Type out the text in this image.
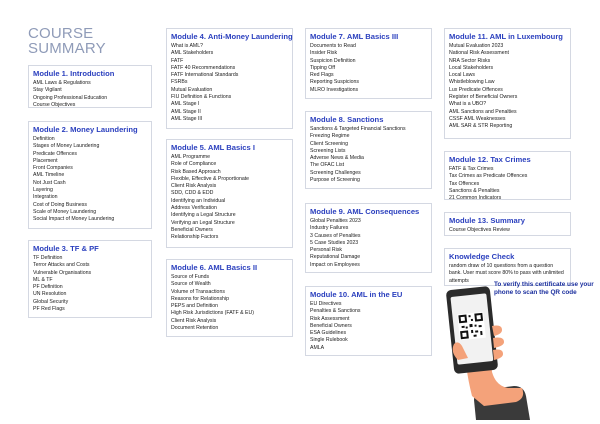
COURSE
SUMMARY
Module 1. Introduction
AML Laws & Regulations
Stay Vigilant
Ongoing Professional Education
Course Objectives
Module 2. Money Laundering
Definition
Stages of Money Laundering
Predicate Offences
Placement
Front Companies
AML Timeline
Not Just Cash
Layering
Integration
Cost of Doing Business
Scale of Money Laundering
Social Impact of Money Laundering
Module 3. TF & PF
TF Definition
Terror Attacks and Costs
Vulnerable Organisations
ML & TF
PF Definition
UN Resolution
Global Security
PF Red Flags
Module 4. Anti-Money Laundering
What is AML?
AML Stakeholders
FATF
FATF 40 Recommendations
FATF International Standards
FSRBs
Mutual Evaluation
FIU Definition & Functions
AML Stage I
AML Stage II
AML Stage III
Module 5. AML Basics I
AML Programme
Role of Compliance
Risk Based Approach
Flexible, Effective & Proportionate
Client Risk Analysis
SDD, CDD & EDD
Identifying an Individual
Address Verification
Identifying a Legal Structure
Verifying an Legal Structure
Beneficial Owners
Relationship Factors
Module 6. AML Basics II
Source of Funds
Source of Wealth
Volume of Transactions
Reasons for Relationship
PEPS and Definition
High Risk Jurisdictions (FATF & EU)
Client Risk Analysis
Document Retention
Module 7. AML Basics III
Documents to Read
Insider Risk
Suspicion Definition
Tipping Off
Red Flags
Reporting Suspicions
MLRO Investigations
Module 8. Sanctions
Sanctions & Targeted Financial Sanctions
Freezing Regime
Client Screening
Screening Lists
Adverse News & Media
The OFAC List
Screening Challenges
Purpose of Screening
Module 9. AML Consequences
Global Penalties 2023
Industry Failures
3 Causes of Penalties
5 Case Studies 2023
Personal Risk
Reputational Damage
Impact on Employees
Module 10. AML in the EU
EU Directives
Penalties & Sanctions
Risk Assessment
Beneficial Owners
ESA Guidelines
Single Rulebook
AMLA
Module 11. AML in Luxembourg
Mutual Evaluation 2023
National Risk Assessment
NRA Sector Risks
Local Stakeholders
Local Laws
Whistleblowing Law
Lux Predicate Offences
Register of Beneficial Owners
What is a UBO?
AML Sanctions and Penalties
CSSF AML Weaknesses
AML SAR & STR Reporting
Module 12. Tax Crimes
FATF & Tax Crimes
Tax Crimes as Predicate Offences
Tax Offences
Sanctions & Penalties
21 Common Indicators
Module 13. Summary
Course Objectives Review
Knowledge Check

random draw of 10 questions from a question bank. User must score 80% to pass with unlimited attempts

To verify this certificate use your phone to scan the QR code
